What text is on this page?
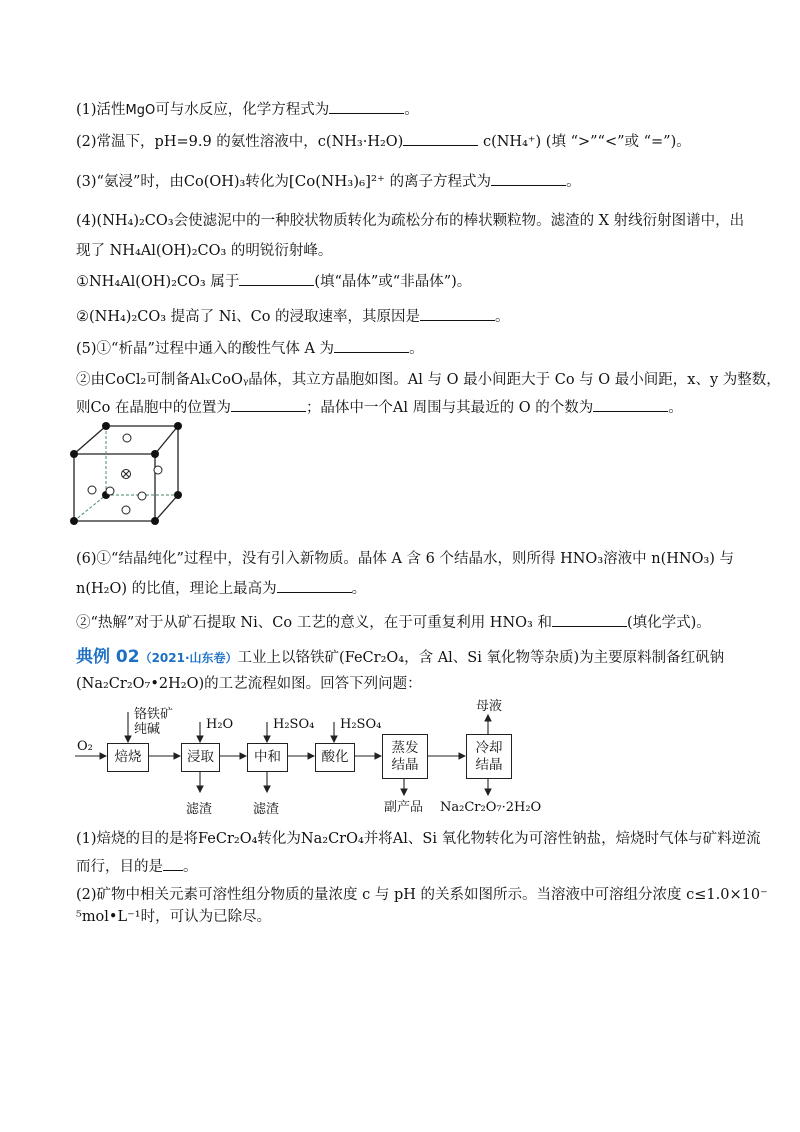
(1)活性MgO可与水反应，化学方程式为	。
(2)常温下，pH=9.9 的氨性溶液中，c(NH₃·H₂O)	c(NH₄⁺) (填 “>”“<”或 “=”)。
(3)“氨浸”时，由Co(OH)₃转化为[Co(NH₃)₆]²⁺ 的离子方程式为	。
(4)(NH₄)₂CO₃会使滤泥中的一种胶状物质转化为疏松分布的棒状颗粒物。滤渣的 X 射线衍射图谱中，出
现了 NH₄Al(OH)₂CO₃ 的明锐衍射峰。
①NH₄Al(OH)₂CO₃ 属于	(填“晶体”或“非晶体”)。
②(NH₄)₂CO₃ 提高了 Ni、Co 的浸取速率，其原因是	。
(5)①“析晶”过程中通入的酸性气体 A 为	。
②由CoCl₂可制备AlₓCoOᵧ晶体，其立方晶胞如图。Al 与 O 最小间距大于 Co 与 O 最小间距，x、y 为整数，
则Co 在晶胞中的位置为	；晶体中一个Al 周围与其最近的 O 的个数为	。
(6)①“结晶纯化”过程中，没有引入新物质。晶体 A 含 6 个结晶水，则所得 HNO₃溶液中 n(HNO₃) 与
n(H₂O) 的比值，理论上最高为	。
②“热解”对于从矿石提取 Ni、Co 工艺的意义，在于可重复利用 HNO₃ 和	(填化学式)。
典例 02（2021·山东卷）工业上以铬铁矿(FeCr₂O₄，含 Al、Si 氧化物等杂质)为主要原料制备红矾钠
(Na₂Cr₂O₇•2H₂O)的工艺流程如图。回答下列问题：
O₂
铬铁矿
纯碱	H₂O	H₂SO₄ H₂SO₄
母液
焙烧	浸取	中和	酸化
蒸发
结晶
冷却
结晶
滤渣	滤渣	副产品 Na₂Cr₂O₇·2H₂O
(1)焙烧的目的是将FeCr₂O₄转化为Na₂CrO₄并将Al、Si 氧化物转化为可溶性钠盐，焙烧时气体与矿料逆流
而行，目的是 。
(2)矿物中相关元素可溶性组分物质的量浓度 c 与 pH 的关系如图所示。当溶液中可溶组分浓度 c≤1.0×10⁻
⁵mol•L⁻¹时，可认为已除尽。
